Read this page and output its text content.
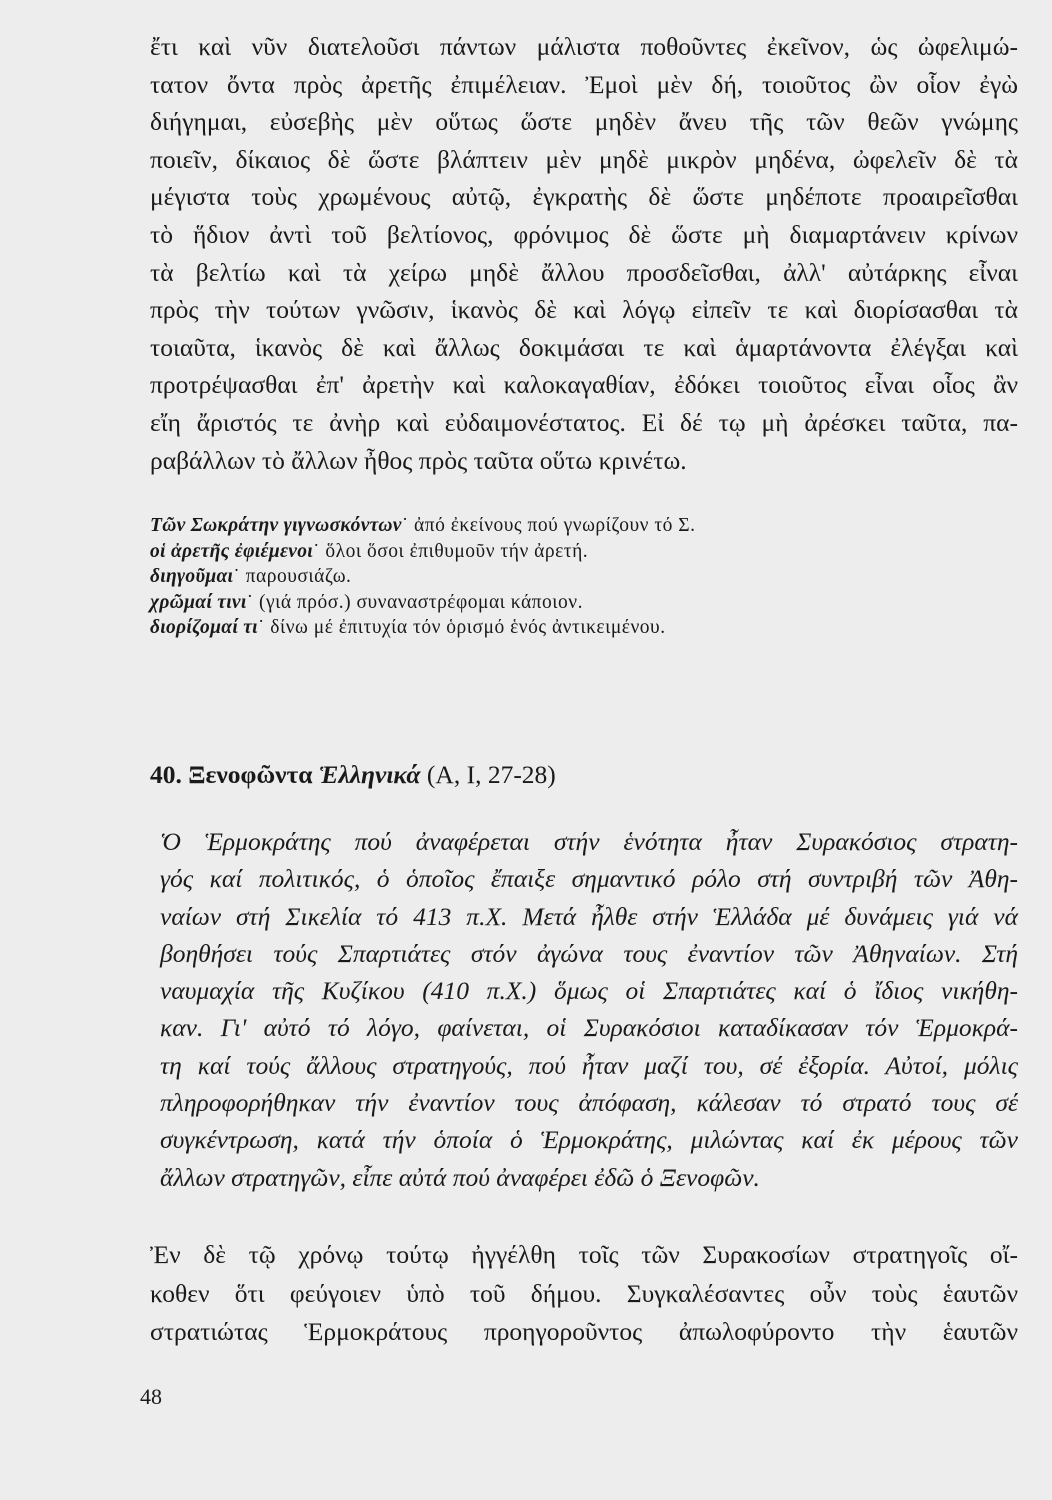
ἔτι καὶ νῦν διατελοῦσι πάντων μάλιστα ποθοῦντες ἐκεῖνον, ὡς ὠφελιμώ-
τατον ὄντα πρὸς ἀρετῆς ἐπιμέλειαν. Ἐμοὶ μὲν δή, τοιοῦτος ὢν οἷον ἐγὼ
διήγημαι, εὐσεβὴς μὲν οὕτως ὥστε μηδὲν ἄνευ τῆς τῶν θεῶν γνώμης
ποιεῖν, δίκαιος δὲ ὥστε βλάπτειν μὲν μηδὲ μικρὸν μηδένα, ὠφελεῖν δὲ τὰ
μέγιστα τοὺς χρωμένους αὐτῷ, ἐγκρατὴς δὲ ὥστε μηδέποτε προαιρεῖσθαι
τὸ ἥδιον ἀντὶ τοῦ βελτίονος, φρόνιμος δὲ ὥστε μὴ διαμαρτάνειν κρίνων
τὰ βελτίω καὶ τὰ χείρω μηδὲ ἄλλου προσδεῖσθαι, ἀλλ' αὐτάρκης εἶναι
πρὸς τὴν τούτων γνῶσιν, ἱκανὸς δὲ καὶ λόγῳ εἰπεῖν τε καὶ διορίσασθαι τὰ
τοιαῦτα, ἱκανὸς δὲ καὶ ἄλλως δοκιμάσαι τε καὶ ἁμαρτάνοντα ἐλέγξαι καὶ
προτρέψασθαι ἐπ' ἀρετὴν καὶ καλοκαγαθίαν, ἐδόκει τοιοῦτος εἶναι οἷος ἂν
εἴη ἄριστός τε ἀνὴρ καὶ εὐδαιμονέστατος. Εἰ δέ τῳ μὴ ἀρέσκει ταῦτα, πα-
ραβάλλων τὸ ἄλλων ἦθος πρὸς ταῦτα οὕτω κρινέτω.
Τῶν Σωκράτην γιγνωσκόντων˙ ἀπό ἐκείνους πού γνωρίζουν τό Σ.
οἱ ἀρετῆς ἐφιέμενοι˙ ὅλοι ὅσοι ἐπιθυμοῦν τήν ἀρετή.
διηγοῦμαι˙ παρουσιάζω.
χρῶμαί τινι˙ (γιά πρόσ.) συναναστρέφομαι κάποιον.
διορίζομαί τι˙ δίνω μέ ἐπιτυχία τόν ὁρισμό ἑνός ἀντικειμένου.
40. Ξενοφῶντα Ἑλληνικά (Α, Ι, 27-28)
Ὁ Ἑρμοκράτης πού ἀναφέρεται στήν ἑνότητα ἦταν Συρακόσιος στρατη-
γός καί πολιτικός, ὁ ὁποῖος ἔπαιξε σημαντικό ρόλο στή συντριβή τῶν Ἀθη-
ναίων στή Σικελία τό 413 π.Χ. Μετά ἦλθε στήν Ἑλλάδα μέ δυνάμεις γιά νά
βοηθήσει τούς Σπαρτιάτες στόν ἀγώνα τους ἐναντίον τῶν Ἀθηναίων. Στή
ναυμαχία τῆς Κυζίκου (410 π.Χ.) ὅμως οἱ Σπαρτιάτες καί ὁ ἴδιος νικήθη-
καν. Γι' αὐτό τό λόγο, φαίνεται, οἱ Συρακόσιοι καταδίκασαν τόν Ἑρμοκρά-
τη καί τούς ἄλλους στρατηγούς, πού ἦταν μαζί του, σέ ἐξορία. Αὐτοί, μόλις
πληροφορήθηκαν τήν ἐναντίον τους ἀπόφαση, κάλεσαν τό στρατό τους σέ
συγκέντρωση, κατά τήν ὁποία ὁ Ἑρμοκράτης, μιλώντας καί ἐκ μέρους τῶν
ἄλλων στρατηγῶν, εἶπε αὐτά πού ἀναφέρει ἐδῶ ὁ Ξενοφῶν.
Ἐν δὲ τῷ χρόνῳ τούτῳ ἠγγέλθη τοῖς τῶν Συρακοσίων στρατηγοῖς οἴ-
κοθεν ὅτι φεύγοιεν ὑπὸ τοῦ δήμου. Συγκαλέσαντες οὖν τοὺς ἑαυτῶν
στρατιώτας Ἑρμοκράτους προηγοροῦντος ἀπωλοφύροντο τὴν ἑαυτῶν

48
